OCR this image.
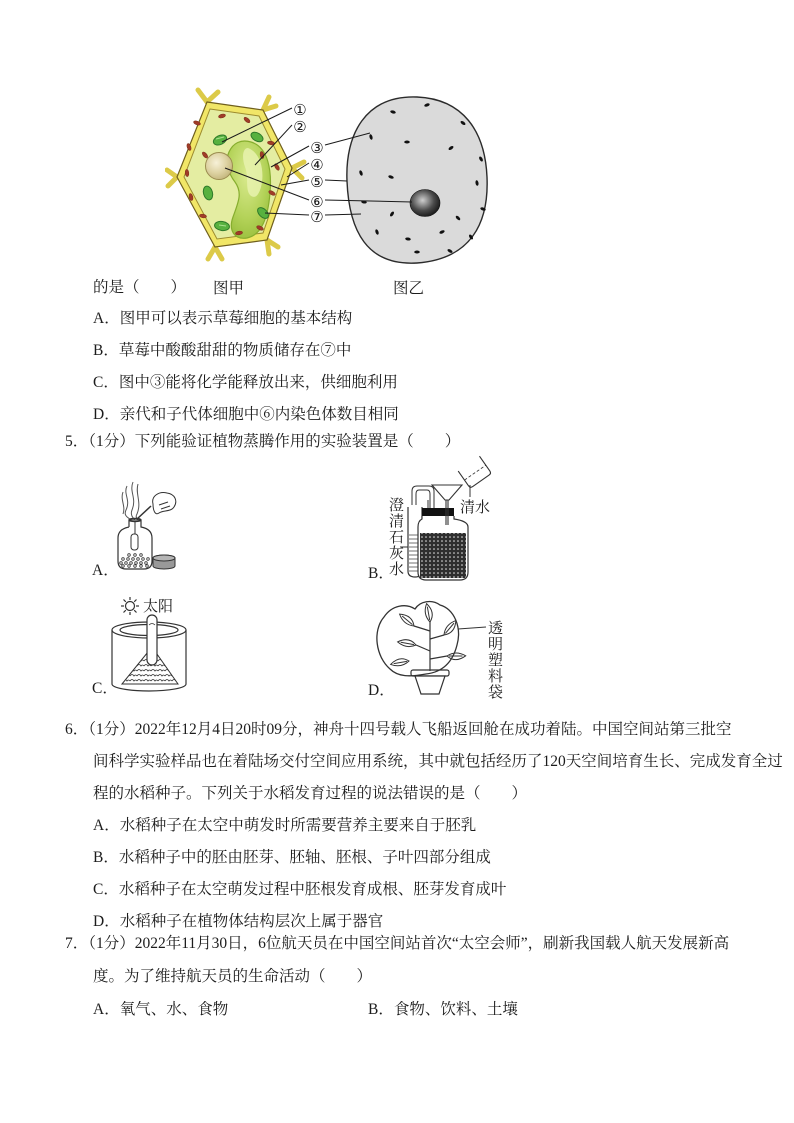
①
②
③
④
⑤
⑥
⑦
的是（　　） 图甲	图乙
A．图甲可以表示草莓细胞的基本结构
B．草莓中酸酸甜甜的物质储存在⑦中
C．图中③能将化学能释放出来，供细胞利用
D．亲代和子代体细胞中⑥内染色体数目相同
5．（1分）下列能验证植物蒸腾作用的实验装置是（　　）
A．	澄清石灰水	清水
B．
太阳
C．	透明塑料袋
D．
6．（1分）2022年12月4日20时09分，神舟十四号载人飞船返回舱在成功着陆。中国空间站第三批空
间科学实验样品也在着陆场交付空间应用系统，其中就包括经历了120天空间培育生长、完成发育全过
程的水稻种子。下列关于水稻发育过程的说法错误的是（　　）
A．水稻种子在太空中萌发时所需要营养主要来自于胚乳
B．水稻种子中的胚由胚芽、胚轴、胚根、子叶四部分组成
C．水稻种子在太空萌发过程中胚根发育成根、胚芽发育成叶
D．水稻种子在植物体结构层次上属于器官
7．（1分）2022年11月30日，6位航天员在中国空间站首次“太空会师”，刷新我国载人航天发展新高
度。为了维持航天员的生命活动（　　）
A．氧气、水、食物	B．食物、饮料、土壤
